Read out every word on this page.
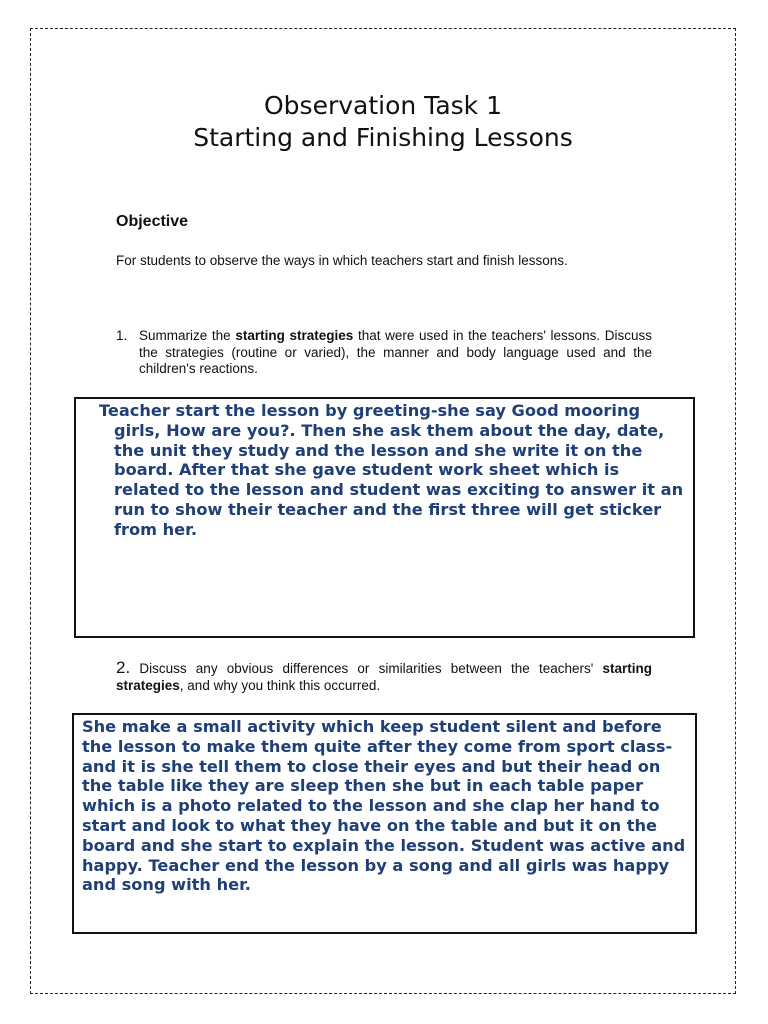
Observation Task 1
Starting and Finishing Lessons
Objective
For students to observe the ways in which teachers start and finish lessons.
1. Summarize the starting strategies that were used in the teachers' lessons. Discuss the strategies (routine or varied), the manner and body language used and the children's reactions.
Teacher start the lesson by greeting-she say Good mooring girls, How are you?. Then she ask them about the day, date, the unit they study and the lesson and she write it on the board. After that she gave student work sheet which is related to the lesson and student was exciting to answer it an run to show their teacher and the first three will get sticker from her.
2. Discuss any obvious differences or similarities between the teachers' starting strategies, and why you think this occurred.
She make a small activity which keep student silent and before the lesson to make them quite after they come from sport class- and it is she tell them to close their eyes and but their head on the table like they are sleep then she but in each table paper which is a photo related to the lesson and she clap her hand to start and look to what they have on the table and but it on the board and she start to explain the lesson. Student was active and happy. Teacher end the lesson by a song and all girls was happy and song with her.
